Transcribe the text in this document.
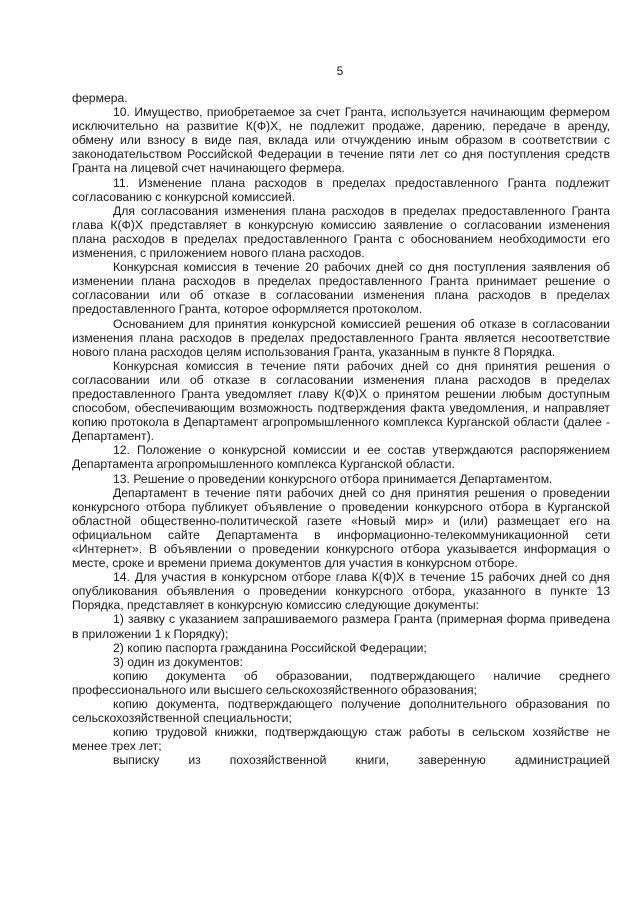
5

фермера.

10. Имущество, приобретаемое за счет Гранта, используется начинающим фермером исключительно на развитие К(Ф)Х, не подлежит продаже, дарению, передаче в аренду, обмену или взносу в виде пая, вклада или отчуждению иным образом в соответствии с законодательством Российской Федерации в течение пяти лет со дня поступления средств Гранта на лицевой счет начинающего фермера.

11. Изменение плана расходов в пределах предоставленного Гранта подлежит согласованию с конкурсной комиссией.

Для согласования изменения плана расходов в пределах предоставленного Гранта глава К(Ф)Х представляет в конкурсную комиссию заявление о согласовании изменения плана расходов в пределах предоставленного Гранта с обоснованием необходимости его изменения, с приложением нового плана расходов.

Конкурсная комиссия в течение 20 рабочих дней со дня поступления заявления об изменении плана расходов в пределах предоставленного Гранта принимает решение о согласовании или об отказе в согласовании изменения плана расходов в пределах предоставленного Гранта, которое оформляется протоколом.

Основанием для принятия конкурсной комиссией решения об отказе в согласовании изменения плана расходов в пределах предоставленного Гранта является несоответствие нового плана расходов целям использования Гранта, указанным в пункте 8 Порядка.

Конкурсная комиссия в течение пяти рабочих дней со дня принятия решения о согласовании или об отказе в согласовании изменения плана расходов в пределах предоставленного Гранта уведомляет главу К(Ф)Х о принятом решении любым доступным способом, обеспечивающим возможность подтверждения факта уведомления, и направляет копию протокола в Департамент агропромышленного комплекса Курганской области (далее - Департамент).

12. Положение о конкурсной комиссии и ее состав утверждаются распоряжением Департамента агропромышленного комплекса Курганской области.

13. Решение о проведении конкурсного отбора принимается Департаментом.

Департамент в течение пяти рабочих дней со дня принятия решения о проведении конкурсного отбора публикует объявление о проведении конкурсного отбора в Курганской областной общественно-политической газете «Новый мир» и (или) размещает его на официальном сайте Департамента в информационно-телекоммуникационной сети «Интернет». В объявлении о проведении конкурсного отбора указывается информация о месте, сроке и времени приема документов для участия в конкурсном отборе.

14. Для участия в конкурсном отборе глава К(Ф)Х в течение 15 рабочих дней со дня опубликования объявления о проведении конкурсного отбора, указанного в пункте 13 Порядка, представляет в конкурсную комиссию следующие документы:

1) заявку с указанием запрашиваемого размера Гранта (примерная форма приведена в приложении 1 к Порядку);

2) копию паспорта гражданина Российской Федерации;

3) один из документов:

копию документа об образовании, подтверждающего наличие среднего профессионального или высшего сельскохозяйственного образования;

копию документа, подтверждающего получение дополнительного образования по сельскохозяйственной специальности;

копию трудовой книжки, подтверждающую стаж работы в сельском хозяйстве не менее трех лет;

выписку из похозяйственной книги, заверенную администрацией
